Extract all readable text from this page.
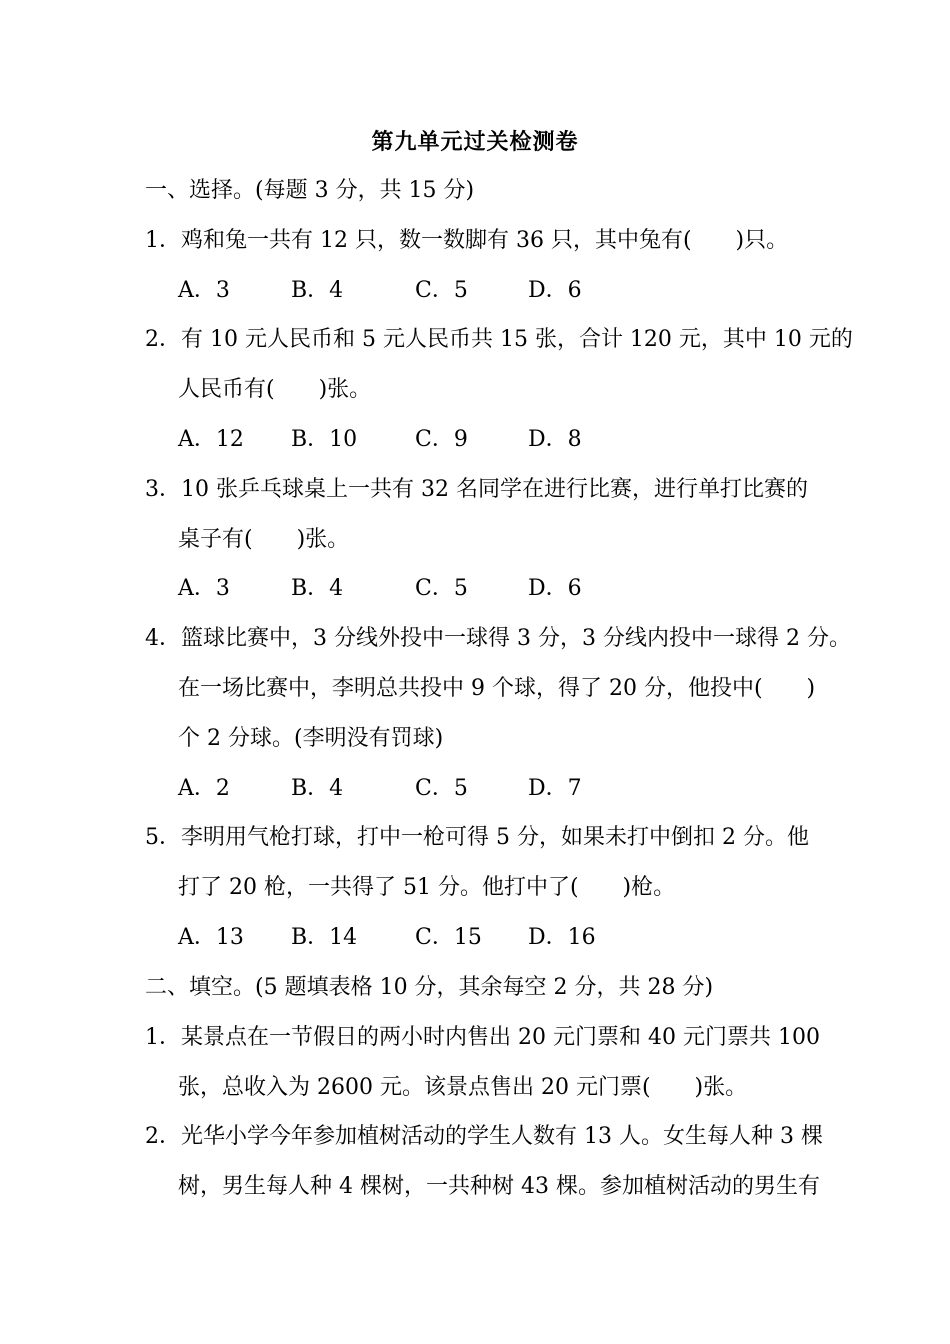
第九单元过关检测卷
一、选择。(每题 3 分，共 15 分)
1．鸡和兔一共有 12 只，数一数脚有 36 只，其中兔有(　　)只。
A．3	B．4	C．5	D．6
2．有 10 元人民币和 5 元人民币共 15 张，合计 120 元，其中 10 元的
人民币有(　　)张。
A．12 B．10	C．9	D．8
3．10 张乒乓球桌上一共有 32 名同学在进行比赛，进行单打比赛的
桌子有(　　)张。
A．3	B．4	C．5	D．6
4．篮球比赛中，3 分线外投中一球得 3 分，3 分线内投中一球得 2 分。
在一场比赛中，李明总共投中 9 个球，得了 20 分，他投中(　　)
个 2 分球。(李明没有罚球)
A．2	B．4	C．5	D．7
5．李明用气枪打球，打中一枪可得 5 分，如果未打中倒扣 2 分。他
打了 20 枪，一共得了 51 分。他打中了(　　)枪。
A．13 B．14	C．15 D．16
二、填空。(5 题填表格 10 分，其余每空 2 分，共 28 分)
1．某景点在一节假日的两小时内售出 20 元门票和 40 元门票共 100
张，总收入为 2600 元。该景点售出 20 元门票(　　)张。
2．光华小学今年参加植树活动的学生人数有 13 人。女生每人种 3 棵
树，男生每人种 4 棵树，一共种树 43 棵。参加植树活动的男生有
